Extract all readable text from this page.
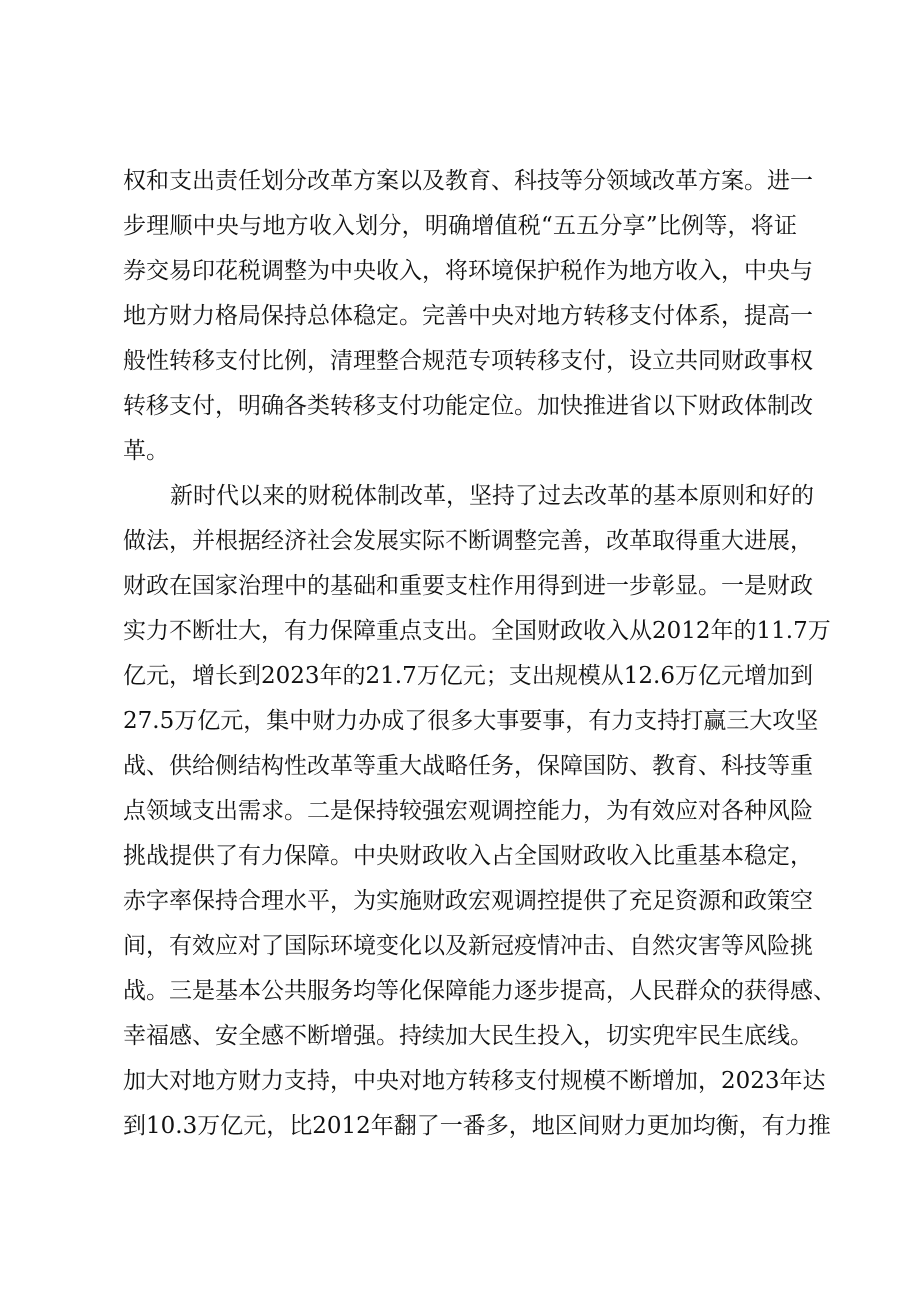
权和支出责任划分改革方案以及教育、科技等分领域改革方案。进一
步理顺中央与地方收入划分，明确增值税“五五分享”比例等，将证
券交易印花税调整为中央收入，将环境保护税作为地方收入，中央与
地方财力格局保持总体稳定。完善中央对地方转移支付体系，提高一
般性转移支付比例，清理整合规范专项转移支付，设立共同财政事权
转移支付，明确各类转移支付功能定位。加快推进省以下财政体制改
革。
新时代以来的财税体制改革，坚持了过去改革的基本原则和好的
做法，并根据经济社会发展实际不断调整完善，改革取得重大进展，
财政在国家治理中的基础和重要支柱作用得到进一步彰显。一是财政
实力不断壮大，有力保障重点支出。全国财政收入从2012年的11.7万
亿元，增长到2023年的21.7万亿元；支出规模从12.6万亿元增加到
27.5万亿元，集中财力办成了很多大事要事，有力支持打赢三大攻坚
战、供给侧结构性改革等重大战略任务，保障国防、教育、科技等重
点领域支出需求。二是保持较强宏观调控能力，为有效应对各种风险
挑战提供了有力保障。中央财政收入占全国财政收入比重基本稳定，
赤字率保持合理水平，为实施财政宏观调控提供了充足资源和政策空
间，有效应对了国际环境变化以及新冠疫情冲击、自然灾害等风险挑
战。三是基本公共服务均等化保障能力逐步提高，人民群众的获得感、
幸福感、安全感不断增强。持续加大民生投入，切实兜牢民生底线。
加大对地方财力支持，中央对地方转移支付规模不断增加，2023年达
到10.3万亿元，比2012年翻了一番多，地区间财力更加均衡，有力推
